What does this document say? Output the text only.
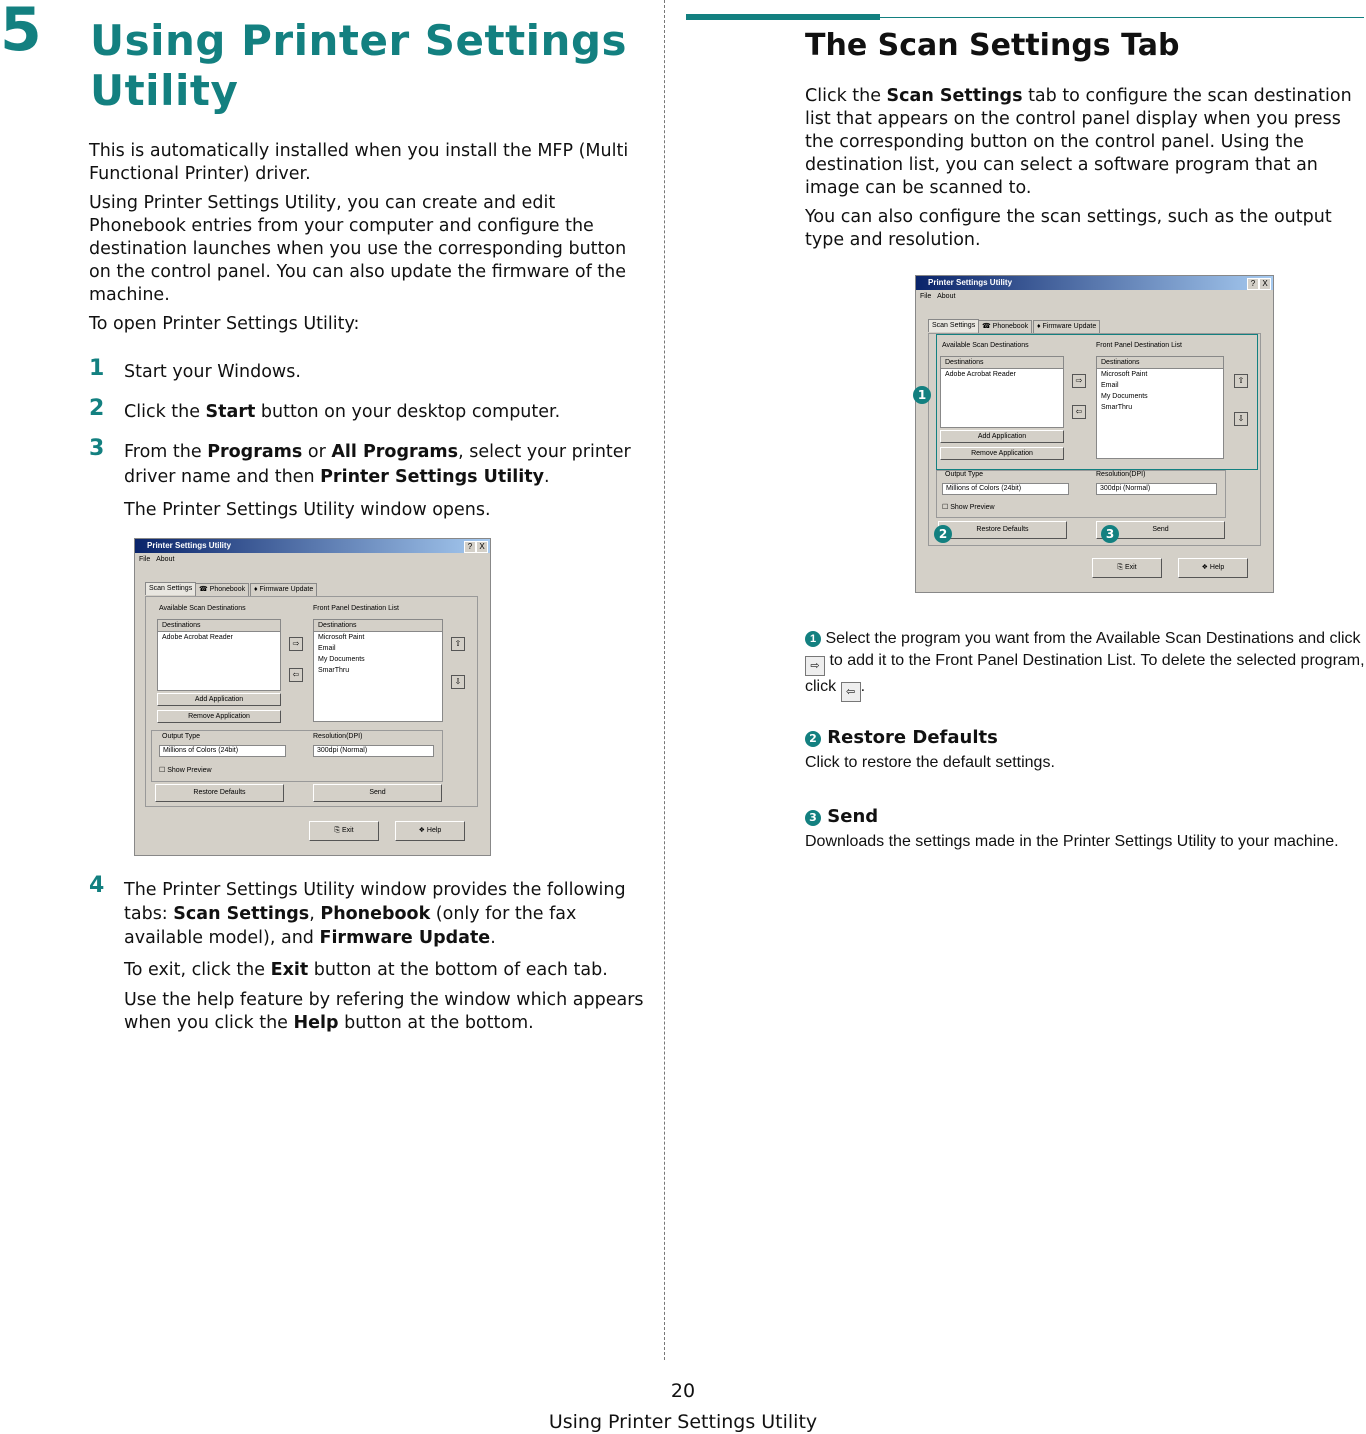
5 Using Printer Settings Utility
This is automatically installed when you install the MFP (Multi Functional Printer) driver.
Using Printer Settings Utility, you can create and edit Phonebook entries from your computer and configure the destination launches when you use the corresponding button on the control panel. You can also update the firmware of the machine.
To open Printer Settings Utility:
1 Start your Windows.
2 Click the Start button on your desktop computer.
3 From the Programs or All Programs, select your printer driver name and then Printer Settings Utility.
The Printer Settings Utility window opens.
Printer Settings Utility	? X
File About
Scan Settings ☎ Phonebook	♦ Firmware Update
Available Scan Destinations	Front Panel Destination List
Destinations
Adobe Acrobat Reader
Destinations
Microsoft Paint
Email
My Documents
SmarThru
⇨
⇦
⇧
⇩
Add Application
Remove Application
Output Type	Resolution(DPI)
Millions of Colors (24bit)	300dpi (Normal)
☐ Show Preview
Restore Defaults	Send
⎘ Exit	❖ Help
4 The Printer Settings Utility window provides the following tabs: Scan Settings, Phonebook (only for the fax available model), and Firmware Update.
To exit, click the Exit button at the bottom of each tab.
Use the help feature by refering the window which appears when you click the Help button at the bottom.
The Scan Settings Tab
Click the Scan Settings tab to configure the scan destination list that appears on the control panel display when you press the corresponding button on the control panel. Using the destination list, you can select a software program that an image can be scanned to.
You can also configure the scan settings, such as the output type and resolution.
Printer Settings Utility	? X
File About
Scan Settings ☎ Phonebook	♦ Firmware Update
Available Scan Destinations	Front Panel Destination List
Destinations
Adobe Acrobat Reader
Destinations
Microsoft Paint
Email
My Documents
SmarThru
⇨
⇦
⇧
⇩
Add Application
Remove Application
Output Type	Resolution(DPI)
Millions of Colors (24bit)	300dpi (Normal)
☐ Show Preview
Restore Defaults	Send
⎘ Exit	❖ Help
1
2	3
1 Select the program you want from the Available Scan Destinations and click ⇨ to add it to the Front Panel Destination List. To delete the selected program, click ⇦ .
2 Restore Defaults
Click to restore the default settings.
3 Send
Downloads the settings made in the Printer Settings Utility to your machine.
20
Using Printer Settings Utility
